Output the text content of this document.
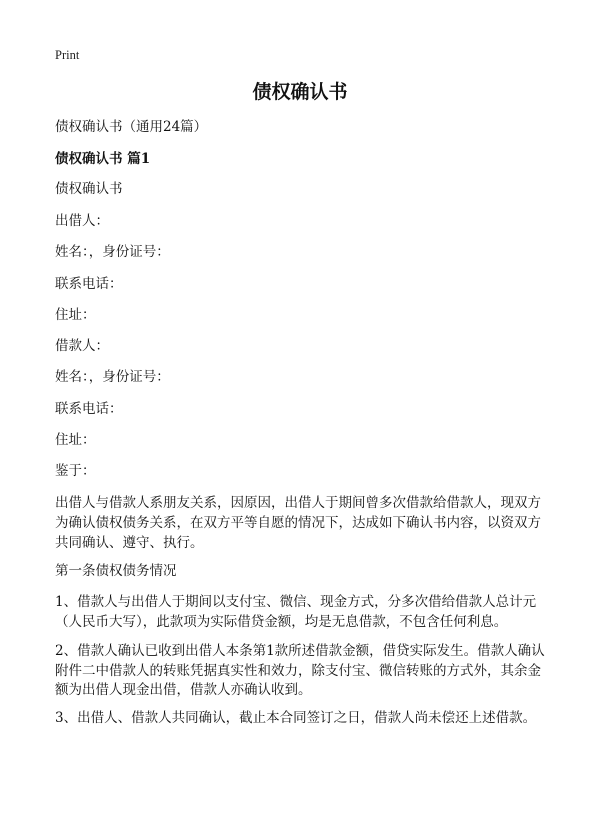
Print
债权确认书
债权确认书（通用24篇）
债权确认书 篇1
债权确认书
出借人：
姓名：，身份证号：
联系电话：
住址：
借款人：
姓名：，身份证号：
联系电话：
住址：
鉴于：
出借人与借款人系朋友关系，因原因，出借人于期间曾多次借款给借款人，现双方
为确认债权债务关系，在双方平等自愿的情况下，达成如下确认书内容，以资双方
共同确认、遵守、执行。
第一条债权债务情况
1、借款人与出借人于期间以支付宝、微信、现金方式，分多次借给借款人总计元
（人民币大写），此款项为实际借贷金额，均是无息借款，不包含任何利息。
2、借款人确认已收到出借人本条第1款所述借款金额，借贷实际发生。借款人确认
附件二中借款人的转账凭据真实性和效力，除支付宝、微信转账的方式外，其余金
额为出借人现金出借，借款人亦确认收到。
3、出借人、借款人共同确认，截止本合同签订之日，借款人尚未偿还上述借款。
